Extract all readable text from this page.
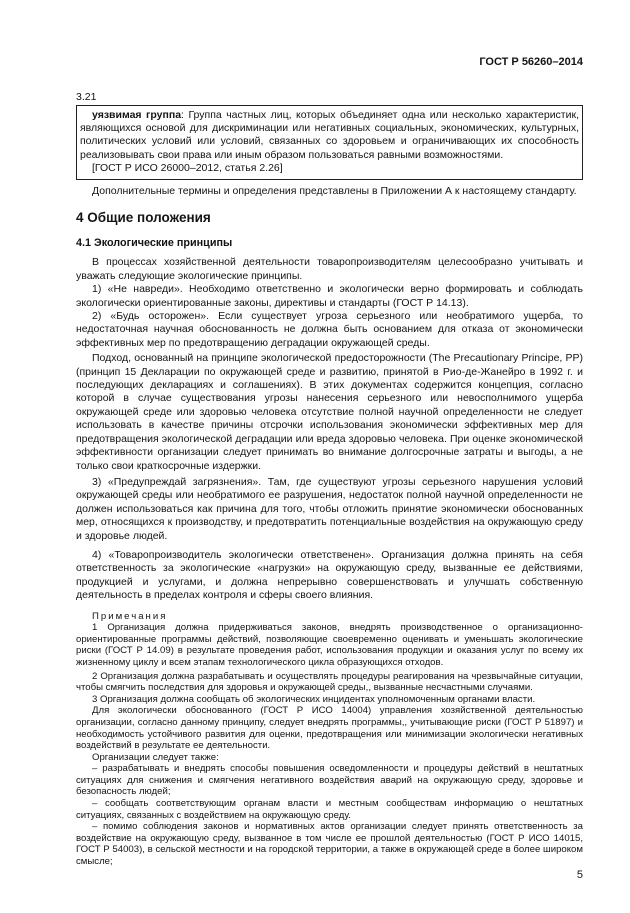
ГОСТ Р 56260–2014
3.21

уязвимая группа: Группа частных лиц, которых объединяет одна или несколько характеристик, являющихся основой для дискриминации или негативных социальных, экономических, культурных, политических условий или условий, связанных со здоровьем и ограничивающих их способность реализовывать свои права или иным образом пользоваться равными возможностями.

[ГОСТ Р ИСО 26000–2012, статья 2.26]

Дополнительные термины и определения представлены в Приложении А к настоящему стандарту.

4 Общие положения
4.1 Экологические принципы

В процессах хозяйственной деятельности товаропроизводителям целесообразно учитывать и уважать следующие экологические принципы.

1) «Не навреди». Необходимо ответственно и экологически верно формировать и соблюдать экологически ориентированные законы, директивы и стандарты (ГОСТ Р 14.13).

2) «Будь осторожен». Если существует угроза серьезного или необратимого ущерба, то недостаточная научная обоснованность не должна быть основанием для отказа от экономически эффективных мер по предотвращению деградации окружающей среды.

Подход, основанный на принципе экологической предосторожности (The Precautionary Principe, PP) (принцип 15 Декларации по окружающей среде и развитию, принятой в Рио-де-Жанейро в 1992 г. и последующих декларациях и соглашениях). В этих документах содержится концепция, согласно которой в случае существования угрозы нанесения серьезного или невосполнимого ущерба окружающей среде или здоровью человека отсутствие полной научной определенности не следует использовать в качестве причины отсрочки использования экономически эффективных мер для предотвращения экологической деградации или вреда здоровью человека. При оценке экономической эффективности организации следует принимать во внимание долгосрочные затраты и выгоды, а не только свои краткосрочные издержки.

3) «Предупреждай загрязнения». Там, где существуют угрозы серьезного нарушения условий окружающей среды или необратимого ее разрушения, недостаток полной научной определенности не должен использоваться как причина для того, чтобы отложить принятие экономически обоснованных мер, относящихся к производству, и предотвратить потенциальные воздействия на окружающую среду и здоровье людей.

4) «Товаропроизводитель экологически ответственен». Организация должна принять на себя ответственность за экологические «нагрузки» на окружающую среду, вызванные ее действиями, продукцией и услугами, и должна непрерывно совершенствовать и улучшать собственную деятельность в пределах контроля и сферы своего влияния.

Примечания

1 Организация должна придерживаться законов, внедрять производственное о организационно-ориентированные программы действий, позволяющие своевременно оценивать и уменьшать экологические риски (ГОСТ Р 14.09) в результате проведения работ, использования продукции и оказания услуг по всему их жизненному циклу и всем этапам технологического цикла образующихся отходов.

2 Организация должна разрабатывать и осуществлять процедуры реагирования на чрезвычайные ситуации, чтобы смягчить последствия для здоровья и окружающей среды,, вызванные несчастными случаями.

3 Организация должна сообщать об экологических инцидентах уполномоченным органами власти.

Для экологически обоснованного (ГОСТ Р ИСО 14004) управления хозяйственной деятельностью организации, согласно данному принципу, следует внедрять программы,, учитывающие риски (ГОСТ Р 51897) и необходимость устойчивого развития для оценки, предотвращения или минимизации экологически негативных воздействий в результате ее деятельности.

Организации следует также:

– разрабатывать и внедрять способы повышения осведомленности и процедуры действий в нештатных ситуациях для снижения и смягчения негативного воздействия аварий на окружающую среду, здоровье и безопасность людей;

– сообщать соответствующим органам власти и местным сообществам информацию о нештатных ситуациях, связанных с воздействием на окружающую среду.

– помимо соблюдения законов и нормативных актов организации следует принять ответственность за воздействие на окружающую среду, вызванное в том числе ее прошлой деятельностью (ГОСТ Р ИСО 14015, ГОСТ Р 54003), в сельской местности и на городской территории, а также в окружающей среде в более широком смысле;

5
